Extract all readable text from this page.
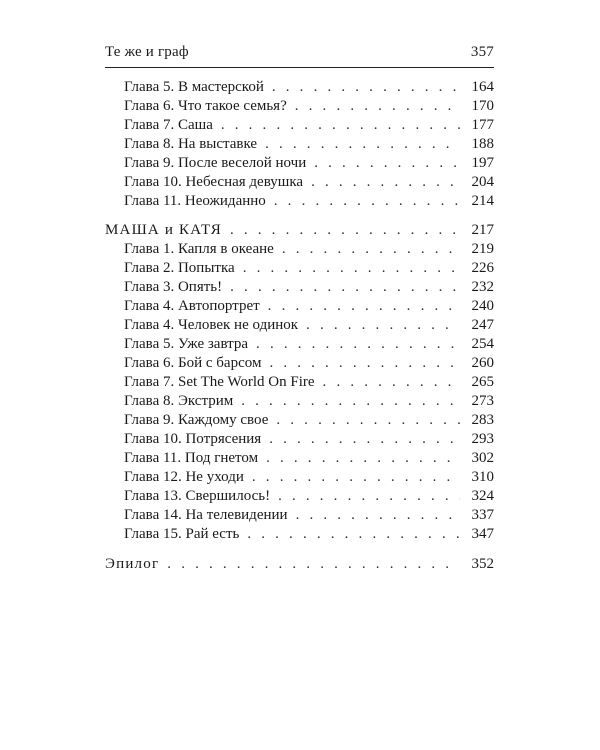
Те же и граф	357
Глава 5. В мастерской . . .	164
Глава 6. Что такое семья? . . .	170
Глава 7. Саша . . .	177
Глава 8. На выставке . . .	188
Глава 9. После веселой ночи . . .	197
Глава 10. Небесная девушка . . .	204
Глава 11. Неожиданно . . .	214
МАША и КАТЯ . . .	217
Глава 1. Капля в океане . . .	219
Глава 2. Попытка . . .	226
Глава 3. Опять! . . .	232
Глава 4. Автопортрет . . .	240
Глава 4. Человек не одинок . . .	247
Глава 5. Уже завтра . . .	254
Глава 6. Бой с барсом . . .	260
Глава 7. Set The World On Fire . . .	265
Глава 8. Экстрим . . .	273
Глава 9. Каждому свое . . .	283
Глава 10. Потрясения . . .	293
Глава 11. Под гнетом . . .	302
Глава 12. Не уходи . . .	310
Глава 13. Свершилось! . . .	324
Глава 14. На телевидении . . .	337
Глава 15. Рай есть . . .	347
Эпилог . . .	352
